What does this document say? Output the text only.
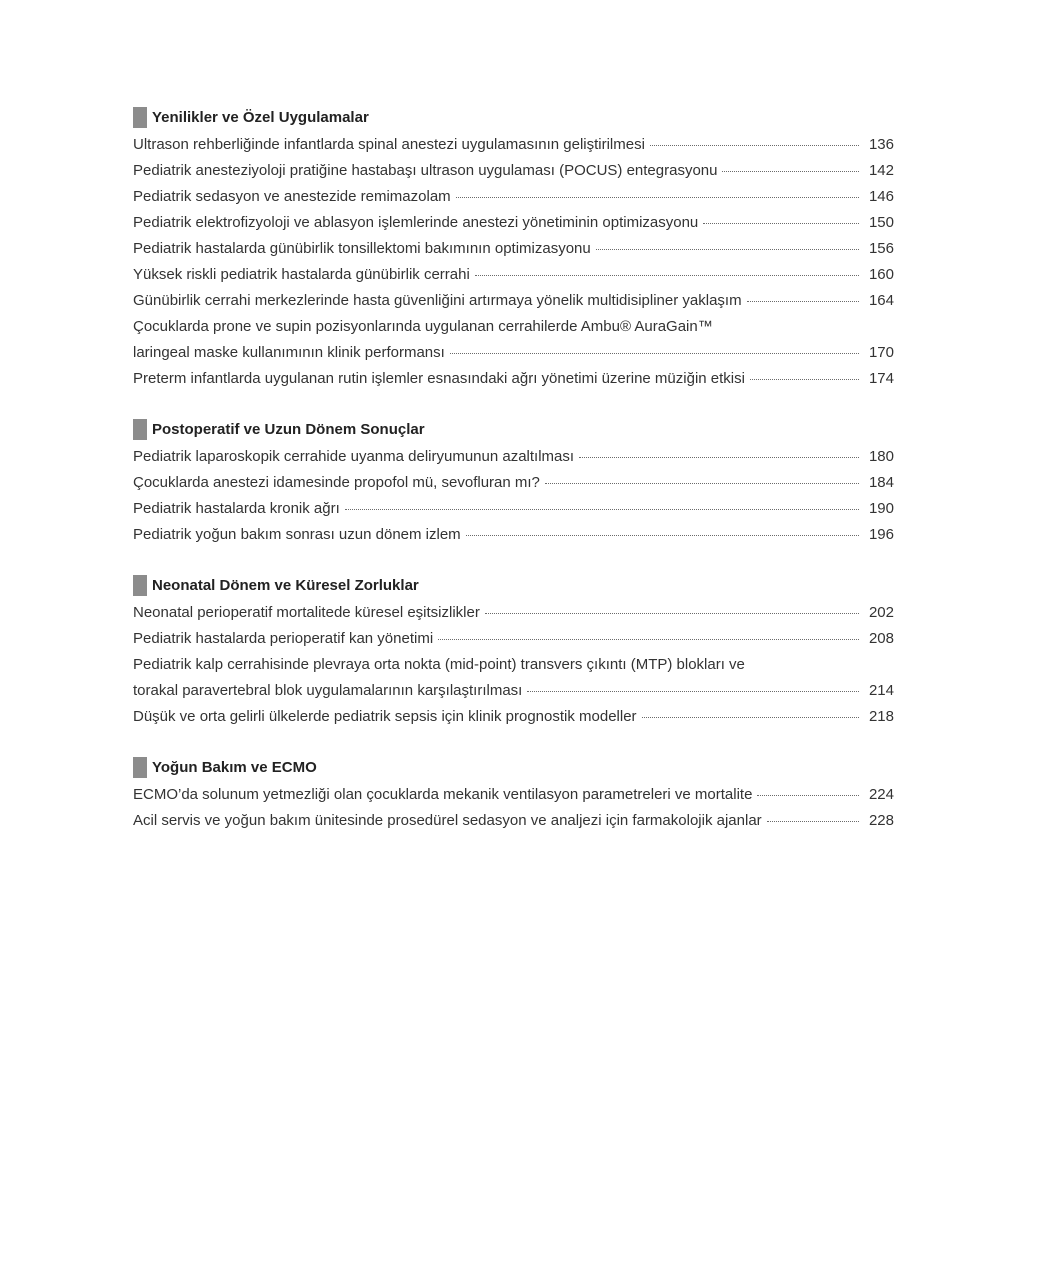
Yenilikler ve Özel Uygulamalar
Ultrason rehberliğinde infantlarda spinal anestezi uygulamasının geliştirilmesi	136
Pediatrik anesteziyoloji pratiğine hastabaşı ultrason uygulaması (POCUS) entegrasyonu	142
Pediatrik sedasyon ve anestezide remimazolam	146
Pediatrik elektrofizyoloji ve ablasyon işlemlerinde anestezi yönetiminin optimizasyonu	150
Pediatrik hastalarda günübirlik tonsillektomi bakımının optimizasyonu	156
Yüksek riskli pediatrik hastalarda günübirlik cerrahi	160
Günübirlik cerrahi merkezlerinde hasta güvenliğini artırmaya yönelik multidisipliner yaklaşım	164
Çocuklarda prone ve supin pozisyonlarında uygulanan cerrahilerde Ambu® AuraGain™
laringeal maske kullanımının klinik performansı	170
Preterm infantlarda uygulanan rutin işlemler esnasındaki ağrı yönetimi üzerine müziğin etkisi	174
Postoperatif ve Uzun Dönem Sonuçlar
Pediatrik laparoskopik cerrahide uyanma deliryumunun azaltılması	180
Çocuklarda anestezi idamesinde propofol mü, sevofluran mı?	184
Pediatrik hastalarda kronik ağrı	190
Pediatrik yoğun bakım sonrası uzun dönem izlem	196
Neonatal Dönem ve Küresel Zorluklar
Neonatal perioperatif mortalitede küresel eşitsizlikler	202
Pediatrik hastalarda perioperatif kan yönetimi	208
Pediatrik kalp cerrahisinde plevraya orta nokta (mid-point) transvers çıkıntı (MTP) blokları ve
torakal paravertebral blok uygulamalarının karşılaştırılması	214
Düşük ve orta gelirli ülkelerde pediatrik sepsis için klinik prognostik modeller	218
Yoğun Bakım ve ECMO
ECMO’da solunum yetmezliği olan çocuklarda mekanik ventilasyon parametreleri ve mortalite	224
Acil servis ve yoğun bakım ünitesinde prosedürel sedasyon ve analjezi için farmakolojik ajanlar	228
